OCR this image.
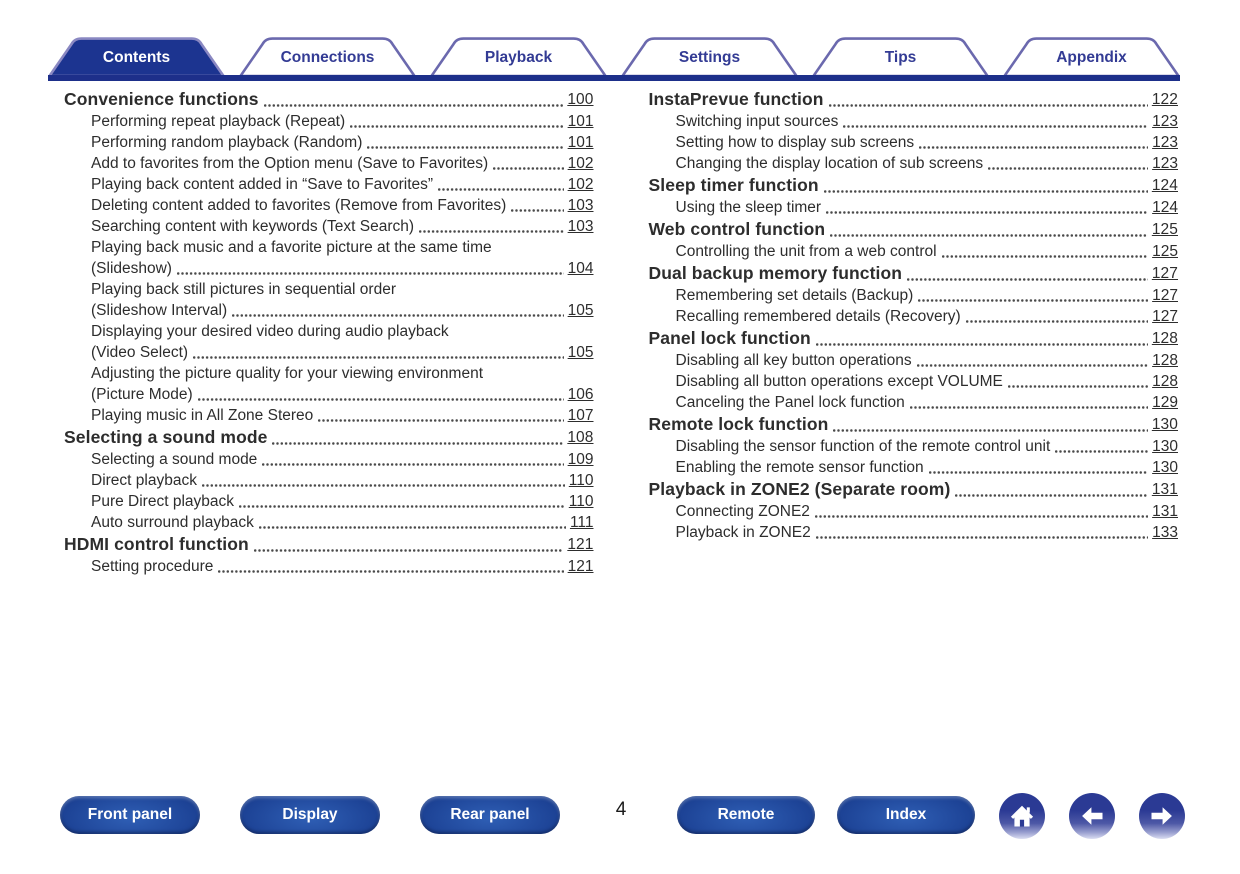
Contents	Connections	Playback	Settings	Tips	Appendix
Convenience functions	100
Performing repeat playback (Repeat)	101
Performing random playback (Random)	101
Add to favorites from the Option menu (Save to Favorites)	102
Playing back content added in “Save to Favorites”	102
Deleting content added to favorites (Remove from Favorites)	103
Searching content with keywords (Text Search)	103
Playing back music and a favorite picture at the same time
(Slideshow)	104
Playing back still pictures in sequential order
(Slideshow Interval)	105
Displaying your desired video during audio playback
(Video Select)	105
Adjusting the picture quality for your viewing environment
(Picture Mode)	106
Playing music in All Zone Stereo	107
Selecting a sound mode	108
Selecting a sound mode	109
Direct playback	110
Pure Direct playback	110
Auto surround playback	111
HDMI control function	121
Setting procedure	121
InstaPrevue function	122
Switching input sources	123
Setting how to display sub screens	123
Changing the display location of sub screens	123
Sleep timer function	124
Using the sleep timer	124
Web control function	125
Controlling the unit from a web control	125
Dual backup memory function	127
Remembering set details (Backup)	127
Recalling remembered details (Recovery)	127
Panel lock function	128
Disabling all key button operations	128
Disabling all button operations except VOLUME	128
Canceling the Panel lock function	129
Remote lock function	130
Disabling the sensor function of the remote control unit	130
Enabling the remote sensor function	130
Playback in ZONE2 (Separate room)	131
Connecting ZONE2	131
Playback in ZONE2	133
Front panel	Display	Rear panel	4	Remote	Index
